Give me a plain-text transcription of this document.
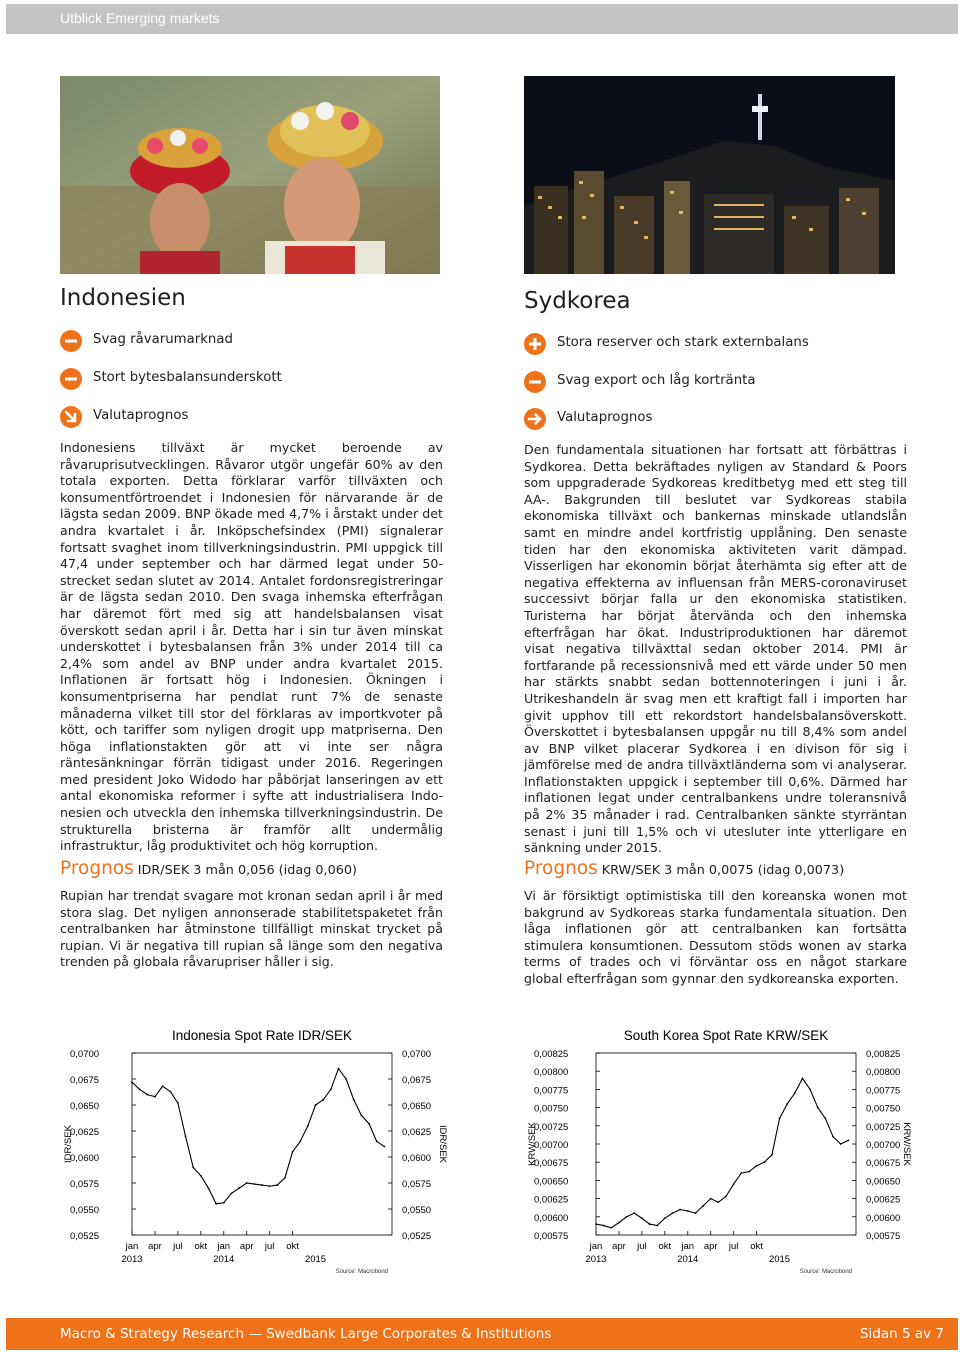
Utblick Emerging markets
Indonesien
Svag råvarumarknad
Stort bytesbalansunderskott
Valutaprognos

Indonesiens tillväxt är mycket beroende av råvaruprisutvecklingen. Råvaror utgör ungefär 60% av den totala exporten. Detta förklarar varför tillväxten och konsumentförtroendet i Indonesien för närvarande är de lägsta sedan 2009. BNP ökade med 4,7% i årstakt under det andra kvartalet i år. Inköpschefsindex (PMI) signalerar fortsatt svaghet inom tillverkningsindustrin. PMI uppgick till 47,4 under september och har därmed legat under 50-strecket sedan slutet av 2014. Antalet fordonsregistreringar är de lägsta sedan 2010. Den svaga inhemska efterfrågan har däremot fört med sig att handelsbalansen visat överskott sedan april i år. Detta har i sin tur även minskat underskottet i bytesbalansen från 3% under 2014 till ca 2,4% som andel av BNP under andra kvartalet 2015. Inflationen är fortsatt hög i Indonesien. Ökningen i konsumentpriserna har pendlat runt 7% de senaste månaderna vilket till stor del förklaras av importkvoter på kött, och tariffer som nyligen drogit upp matpriserna. Den höga inflationstakten gör att vi inte ser några räntesänkningar förrän tidigast under 2016. Regeringen med president Joko Widodo har påbörjat lanseringen av ett antal ekonomiska reformer i syfte att industrialisera Indonesien och utveckla den inhemska tillverkningsindustrin. De strukturella bristerna är framför allt undermålig infrastruktur, låg produktivitet och hög korruption.

Prognos IDR/SEK 3 mån 0,056 (idag 0,060)

Rupian har trendat svagare mot kronan sedan april i år med stora slag. Det nyligen annonserade stabilitetspaketet från centralbanken har åtminstone tillfälligt minskat trycket på rupian. Vi är negativa till rupian så länge som den negativa trenden på globala råvarupriser håller i sig.

Sydkorea
Stora reserver och stark externbalans
Svag export och låg kortränta
Valutaprognos

Den fundamentala situationen har fortsatt att förbättras i Sydkorea. Detta bekräftades nyligen av Standard & Poors som uppgraderade Sydkoreas kreditbetyg med ett steg till AA-. Bakgrunden till beslutet var Sydkoreas stabila ekonomiska tillväxt och bankernas minskade utlandslån samt en mindre andel kortfristig upplåning. Den senaste tiden har den ekonomiska aktiviteten varit dämpad. Visserligen har ekonomin börjat återhämta sig efter att de negativa effekterna av influensan från MERS-coronaviruset successivt börjar falla ur den ekonomiska statistiken. Turisterna har börjat återvända och den inhemska efterfrågan har ökat. Industriproduktionen har däremot visat negativa tillväxttal sedan oktober 2014. PMI är fortfarande på recessionsnivå med ett värde under 50 men har stärkts snabbt sedan bottennoteringen i juni i år. Utrikeshandeln är svag men ett kraftigt fall i importen har givit upphov till ett rekordstort handelsbalansöverskott. Överskottet i bytesbalansen uppgår nu till 8,4% som andel av BNP vilket placerar Sydkorea i en divison för sig i jämförelse med de andra tillväxtländerna som vi analyserar. Inflationstakten uppgick i september till 0,6%. Därmed har inflationen legat under centralbankens undre toleransnivå på 2% 35 månader i rad. Centralbanken sänkte styrräntan senast i juni till 1,5% och vi utesluter inte ytterligare en sänkning under 2015.

Prognos KRW/SEK 3 mån 0,0075 (idag 0,0073)

Vi är försiktigt optimistiska till den koreanska wonen mot bakgrund av Sydkoreas starka fundamentala situation. Den låga inflationen gör att centralbanken kan fortsätta stimulera konsumtionen. Dessutom stöds wonen av starka terms of trades och vi förväntar oss en något starkare global efterfrågan som gynnar den sydkoreanska exporten.

Indonesia Spot Rate IDR/SEK
0,0700	0,0700
0,0675	0,0675
0,0650	0,0650
0,0625	0,0625
0,0600	0,0600
0,0575	0,0575
0,0550	0,0550
0,0525	0,0525
IDR/SEK	IDR/SEK
jan apr jul okt jan apr jul okt
2013	2014	2015
Source: Macrobond
South Korea Spot Rate KRW/SEK
0,00825	0,00825
0,00800	0,00800
0,00775	0,00775
0,00750	0,00750
0,00725	0,00725
0,00700	0,00700
0,00675	0,00675
0,00650	0,00650
0,00625	0,00625
0,00600	0,00600
0,00575	0,00575
KRW/SEK	KRW/SEK
jan apr jul okt jan apr jul okt
2013	2014	2015
Source: Macrobond
Macro & Strategy Research — Swedbank Large Corporates & Institutions	Sidan 5 av 7
